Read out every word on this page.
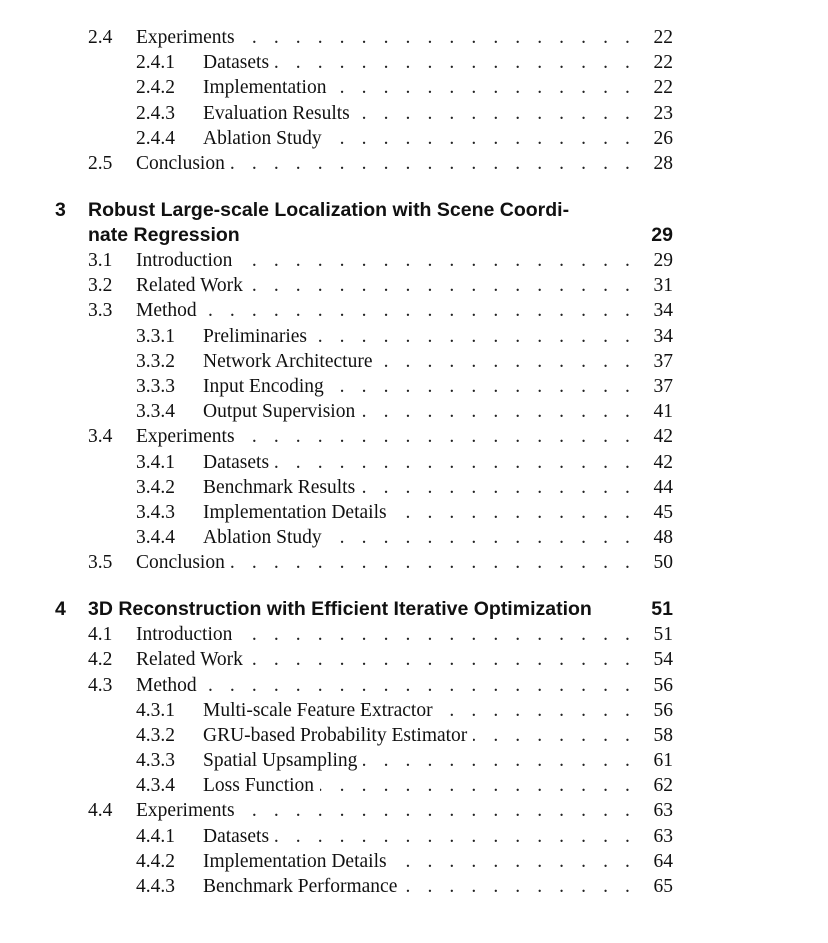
2.4 Experiments . . .	22
2.4.1 Datasets . . .	22
2.4.2 Implementation . . .	22
2.4.3 Evaluation Results . . .	23
2.4.4 Ablation Study . . .	26
2.5 Conclusion . . .	28
3 Robust Large-scale Localization with Scene Coordi-
nate Regression	29
3.1 Introduction . . .	29
3.2 Related Work . . .	31
3.3 Method . . .	34
3.3.1 Preliminaries . . .	34
3.3.2 Network Architecture . . .	37
3.3.3 Input Encoding . . .	37
3.3.4 Output Supervision . . .	41
3.4 Experiments . . .	42
3.4.1 Datasets . . .	42
3.4.2 Benchmark Results . . .	44
3.4.3 Implementation Details . . .	45
3.4.4 Ablation Study . . .	48
3.5 Conclusion . . .	50
4 3D Reconstruction with Efficient Iterative Optimization	51
4.1 Introduction . . .	51
4.2 Related Work . . .	54
4.3 Method . . .	56
4.3.1 Multi-scale Feature Extractor . . .	56
4.3.2 GRU-based Probability Estimator . . .	58
4.3.3 Spatial Upsampling . . .	61
4.3.4 Loss Function . . .	62
4.4 Experiments . . .	63
4.4.1 Datasets . . .	63
4.4.2 Implementation Details . . .	64
4.4.3 Benchmark Performance . . .	65
